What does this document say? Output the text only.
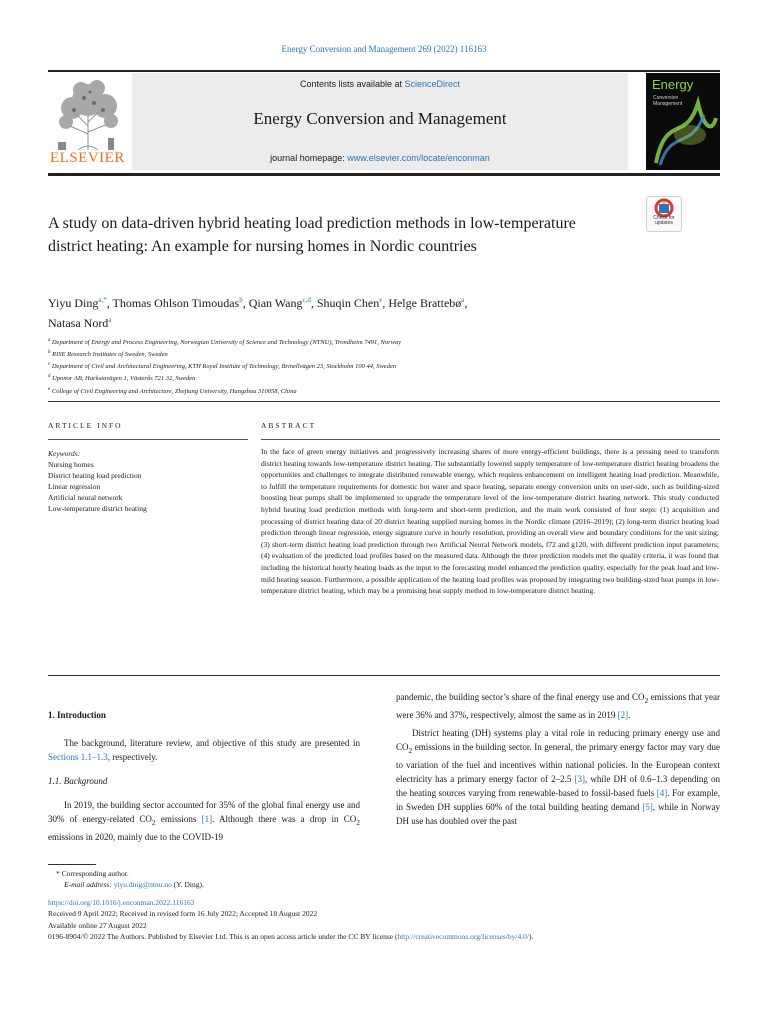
Energy Conversion and Management 269 (2022) 116163
ELSEVIER
Contents lists available at ScienceDirect
Energy Conversion and Management
journal homepage: www.elsevier.com/locate/enconman
Energy
Conversion
Management
Check for updates
A study on data-driven hybrid heating load prediction methods in low-temperature district heating: An example for nursing homes in Nordic countries
Yiyu Ding$^{a,*}$, Thomas Ohlson Timoudas$^b$, Qian Wang$^{c,d}$, Shuqin Chen$^e$, Helge Brattebø$^a$,
Natasa Nord$^a$
$^a$ Department of Energy and Process Engineering, Norwegian University of Science and Technology (NTNU), Trondheim 7491, Norway
$^b$ RISE Research Institutes of Sweden, Sweden
$^c$ Department of Civil and Architectural Engineering, KTH Royal Institute of Technology, Brinellvägen 23, Stockholm 100 44, Sweden
$^d$ Uponor AB, Hackstavägen 1, Västerås 721 32, Sweden
$^e$ College of Civil Engineering and Architecture, Zhejiang University, Hangzhou 310058, China
ARTICLE INFO
Keywords:
Nursing homes
District heating load prediction
Linear regression
Artificial neural network
Low-temperature district heating
ABSTRACT

In the face of green energy initiatives and progressively increasing shares of more energy-efficient buildings, there is a pressing need to transform district heating towards low-temperature district heating. The substantially lowered supply temperature of low-temperature district heating broadens the opportunities and challenges to integrate distributed renewable energy, which requires enhancement on intelligent heating load prediction. Meanwhile, to fulfill the temperature requirements for domestic hot water and space heating, separate energy conversion units on user-side, such as building-sized boosting heat pumps shall be implemented to upgrade the temperature level of the low-temperature district heating network. This study conducted hybrid heating load prediction methods with long-term and short-term prediction, and the main work consisted of four steps: (1) acquisition and processing of district heating data of 20 district heating supplied nursing homes in the Nordic climate (2016–2019); (2) long-term district heating load prediction through linear regression, energy signature curve in hourly resolution, providing an overall view and boundary conditions for the unit sizing; (3) short-term district heating load prediction through two Artificial Neural Network models, f72 and g120, with different prediction input parameters; (4) evaluation of the predicted load profiles based on the measured data. Although the three prediction models met the quality criteria, it was found that including the historical hourly heating loads as the input to the forecasting model enhanced the prediction quality, especially for the peak load and low-mild heating season. Furthermore, a possible application of the heating load profiles was proposed by integrating two building-sized heat pumps in low-temperature district heating, which may be a promising heat supply method in low-temperature district heating.

1. Introduction

The background, literature review, and objective of this study are presented in Sections 1.1–1.3, respectively.

1.1. Background

In 2019, the building sector accounted for 35% of the global final energy use and 30% of energy-related $CO_2$ emissions [1]. Although there was a drop in $CO_2$ emissions in 2020, mainly due to the COVID-19

pandemic, the building sector’s share of the final energy use and $CO_2$ emissions that year were 36% and 37%, respectively, almost the same as in 2019 [2].

District heating (DH) systems play a vital role in reducing primary energy use and $CO_2$ emissions in the building sector. In general, the primary energy factor may vary due to variation of the fuel and incentives within national policies. In the European context electricity has a primary energy factor of 2–2.5 [3], while DH of 0.6–1.3 depending on the heating sources varying from renewable-based to fossil-based fuels [4]. For example, in Sweden DH supplies 60% of the total building heating demand [5], while in Norway DH use has doubled over the past

* Corresponding author.
E-mail address: yiyu.ding@ntnu.no (Y. Ding).
https://doi.org/10.1016/j.enconman.2022.116163
Received 9 April 2022; Received in revised form 16 July 2022; Accepted 18 August 2022
Available online 27 August 2022
0196-8904/© 2022 The Authors. Published by Elsevier Ltd. This is an open access article under the CC BY license (http://creativecommons.org/licenses/by/4.0/).
